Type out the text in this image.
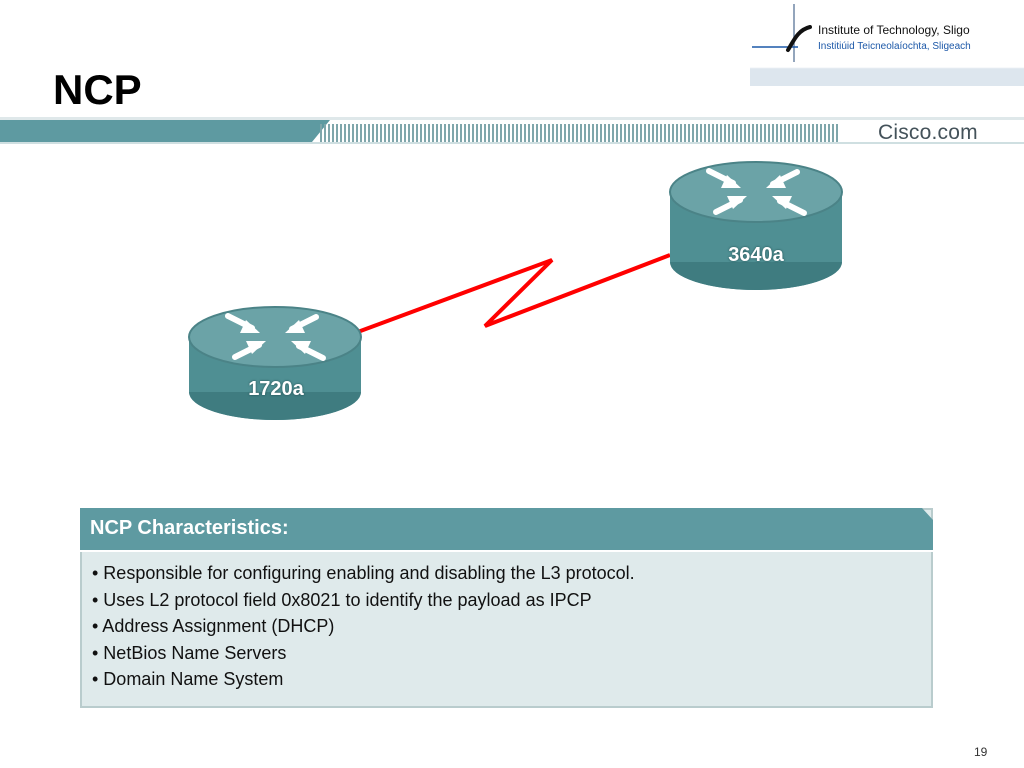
Institute of Technology, Sligo
Institiúid Teicneolaíochta, Sligeach
NCP
Cisco.com
1720a
3640a
NCP Characteristics:
• Responsible for configuring enabling and disabling the L3 protocol.
• Uses L2 protocol field 0x8021 to identify the payload as IPCP
• Address Assignment (DHCP)
• NetBios Name Servers
• Domain Name System
19
